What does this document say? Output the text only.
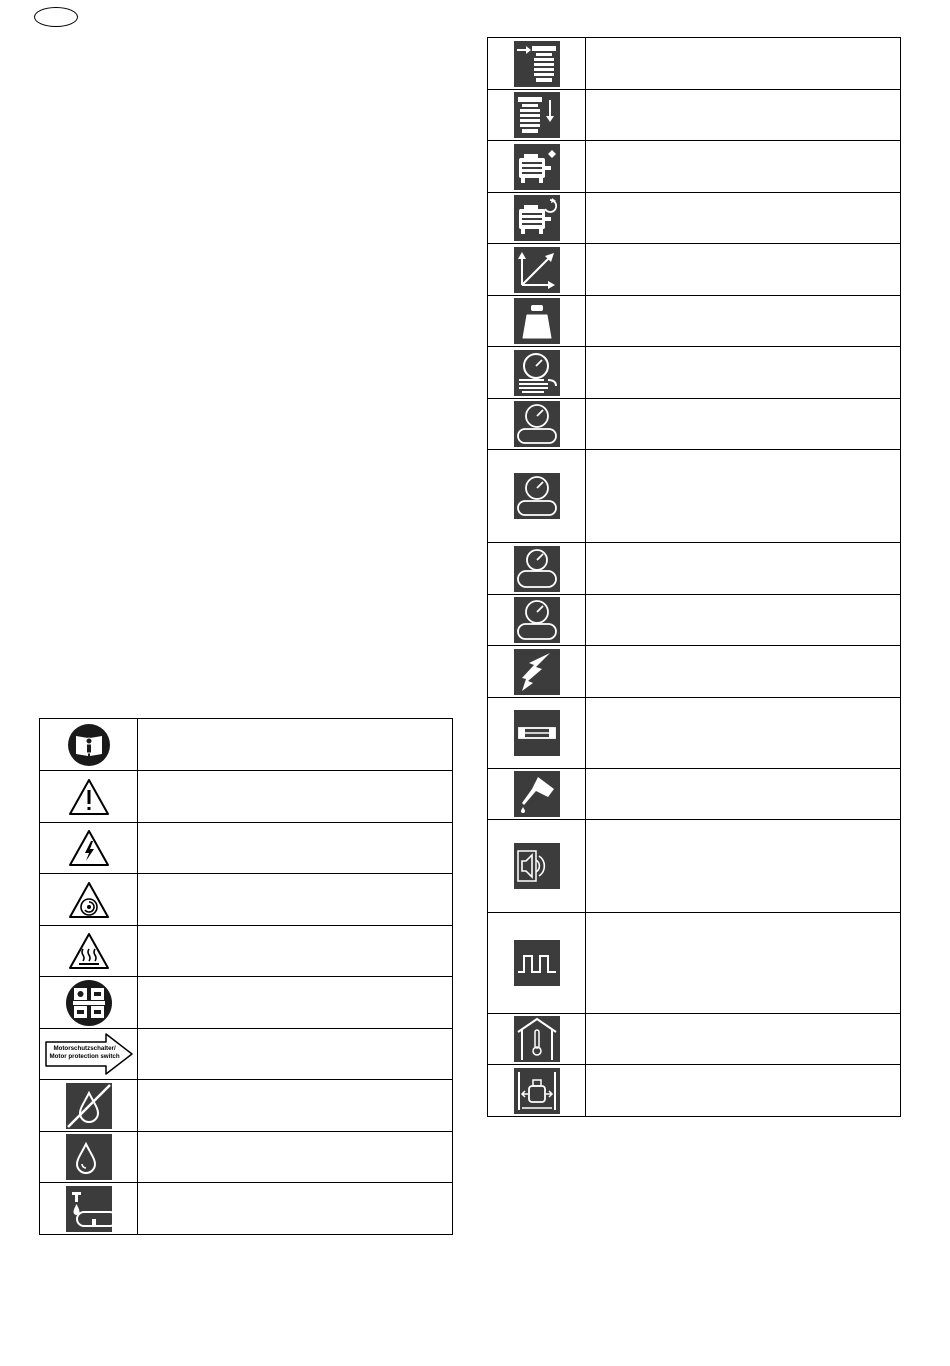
Motorschutzschalter/
Motor protection switch	
